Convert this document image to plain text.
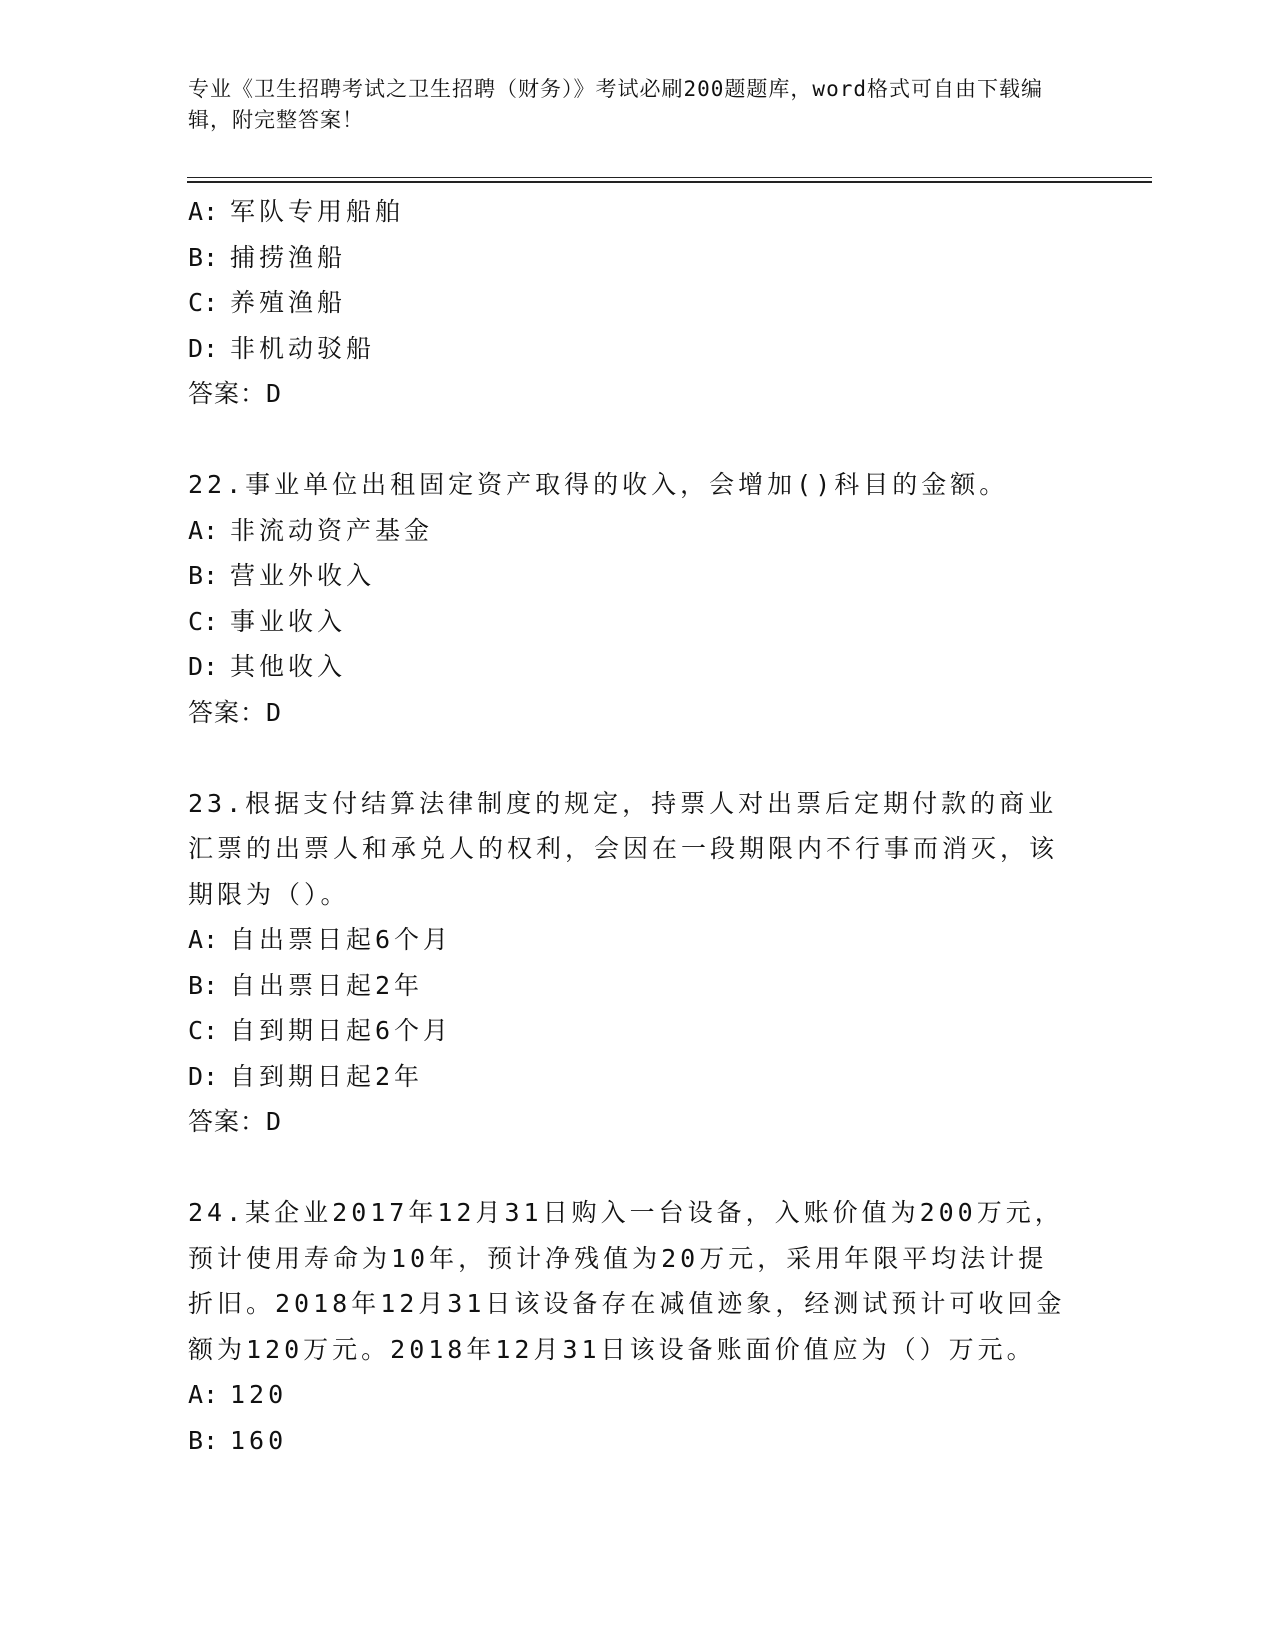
专业《卫生招聘考试之卫生招聘（财务）》考试必刷200题题库，word格式可自由下载编辑，附完整答案！
A: 军队专用船舶
B: 捕捞渔船
C: 养殖渔船
D: 非机动驳船
答案：D
22.事业单位出租固定资产取得的收入，会增加()科目的金额。
A: 非流动资产基金
B: 营业外收入
C: 事业收入
D: 其他收入
答案：D
23.根据支付结算法律制度的规定，持票人对出票后定期付款的商业汇票的出票人和承兑人的权利，会因在一段期限内不行事而消灭，该期限为（）。
A: 自出票日起6个月
B: 自出票日起2年
C: 自到期日起6个月
D: 自到期日起2年
答案：D
24.某企业2017年12月31日购入一台设备，入账价值为200万元，预计使用寿命为10年，预计净残值为20万元，采用年限平均法计提折旧。2018年12月31日该设备存在减值迹象，经测试预计可收回金额为120万元。2018年12月31日该设备账面价值应为（）万元。
A: 120
B: 160
